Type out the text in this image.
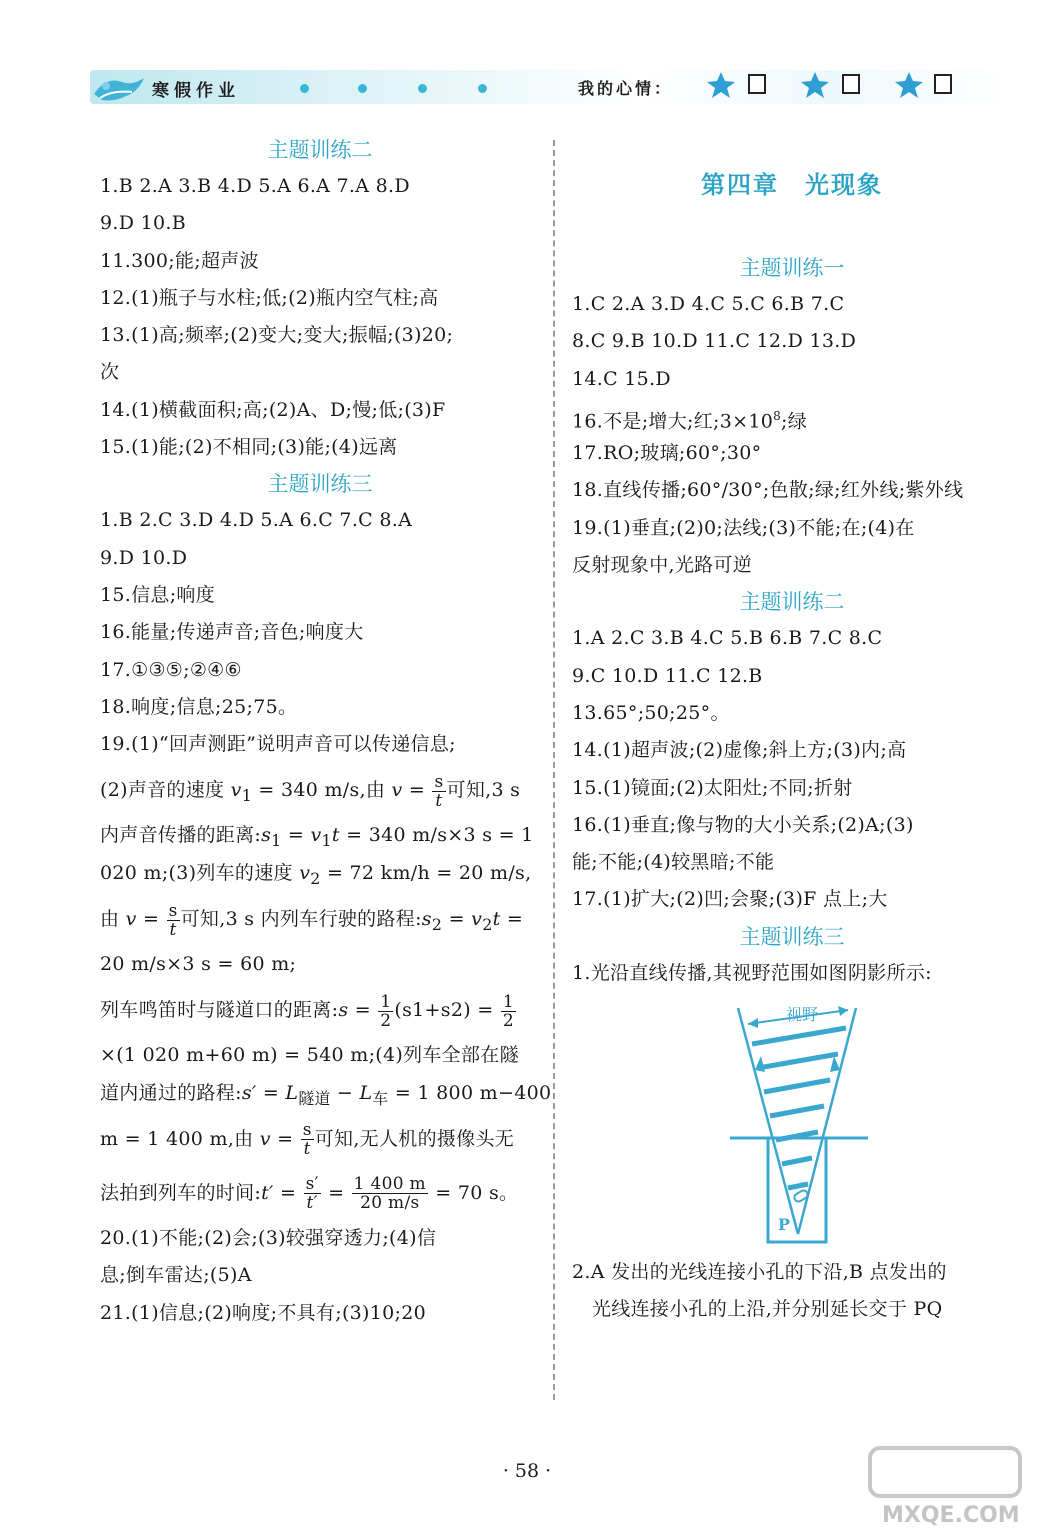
寒假作业	我的心情：
主题训练二
1.B 2.A 3.B 4.D 5.A 6.A 7.A 8.D
9.D 10.B
11.300;能;超声波
12.(1)瓶子与水柱;低;(2)瓶内空气柱;高
13.(1)高;频率;(2)变大;变大;振幅;(3)20;
次
14.(1)横截面积;高;(2)A、D;慢;低;(3)F
15.(1)能;(2)不相同;(3)能;(4)远离
主题训练三
1.B 2.C 3.D 4.D 5.A 6.C 7.C 8.A
9.D 10.D
15.信息;响度
16.能量;传递声音;音色;响度大
17.①③⑤;②④⑥
18.响度;信息;25;75。
19.(1)“回声测距”说明声音可以传递信息;
(2)声音的速度 $v_1 = 340$ m/s,由 $v = \frac{s}{t}$ 可知,3 s
内声音传播的距离$:s_1 = v_1t = 340$ m/s×3 s = 1
020 m;(3)列车的速度 $v_2 = 72$ km/h = 20 m/s,
由 $v = \frac{s}{t}$ 可知,3 s 内列车行驶的路程$:s_2 = v_2t$ =
20 m/s×3 s = 60 m;
列车鸣笛时与隧道口的距离:s = $\frac{1}{2} (s1+s2) = \frac{1}{2}$
×(1 020 m+60 m) = 540 m;(4)列车全部在隧
道内通过的路程:s′ = $L_{隧道} - L_车 = 1$ 800 m−400
m = 1 400 m,由 $v = \frac{s}{t}$ 可知,无人机的摄像头无
法拍到列车的时间:t′ = $\frac{s'}{t'} = \frac{1 400 m}{20 m/s} = 70$ s。
20.(1)不能;(2)会;(3)较强穿透力;(4)信
息;倒车雷达;(5)A
21.(1)信息;(2)响度;不具有;(3)10;20
第四章　光现象
主题训练一
1.C 2.A 3.D 4.C 5.C 6.B 7.C
8.C 9.B 10.D 11.C 12.D 13.D
14.C 15.D
16.不是;增大;红$;3\times 10^8$;绿
17.RO;玻璃;60°;30°
18.直线传播;60°/30°;色散;绿;红外线;紫外线
19.(1)垂直;(2)0;法线;(3)不能;在;(4)在
反射现象中,光路可逆
主题训练二
1.A 2.C 3.B 4.C 5.B 6.B 7.C 8.C
9.C 10.D 11.C 12.B
13.65°;50;25°。
14.(1)超声波;(2)虚像;斜上方;(3)内;高
15.(1)镜面;(2)太阳灶;不同;折射
16.(1)垂直;像与物的大小关系;(2)A;(3)
能;不能;(4)较黑暗;不能
17.(1)扩大;(2)凹;会聚;(3)F 点上;大
主题训练三
1.光沿直线传播,其视野范围如图阴影所示:
视野
P
2.A 发出的光线连接小孔的下沿,B 点发出的
光线连接小孔的上沿,并分别延长交于 PQ
· 58 ·
MXQE.COM
